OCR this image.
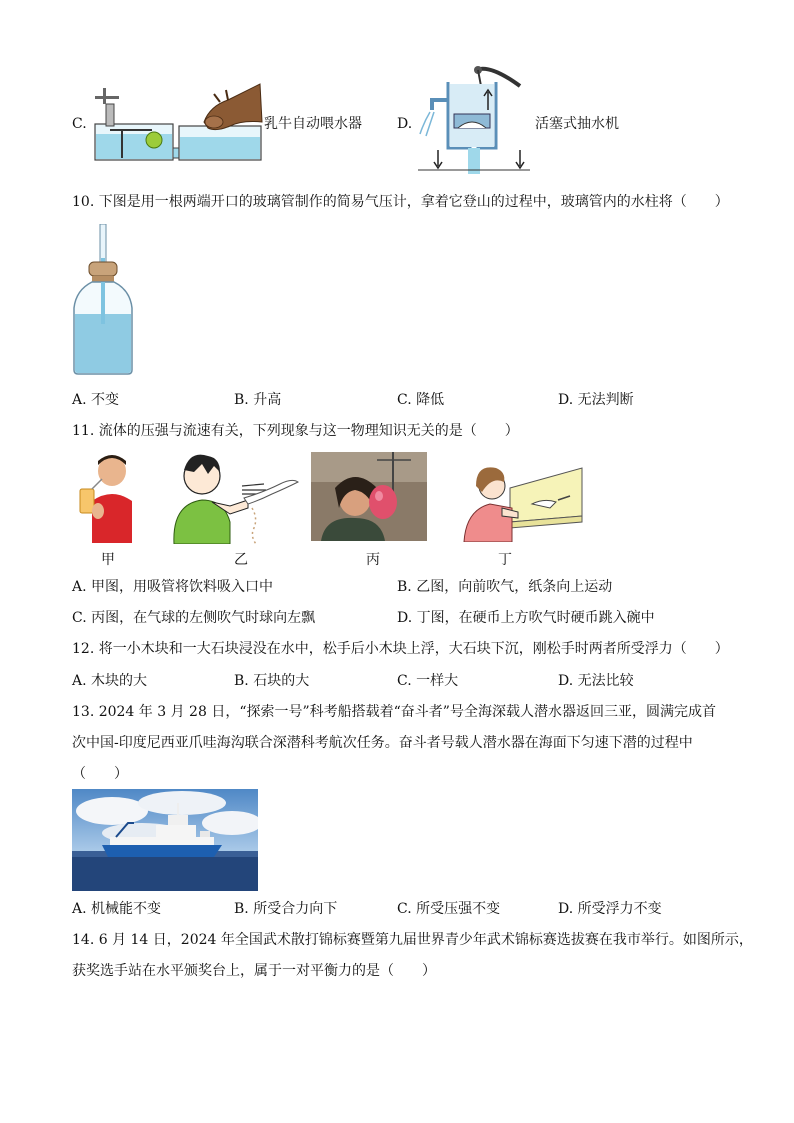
C.	乳牛自动喂水器	D.	活塞式抽水机
10. 下图是用一根两端开口的玻璃管制作的简易气压计，拿着它登山的过程中，玻璃管内的水柱将（　　）
A. 不变	B. 升高	C. 降低	D. 无法判断
11. 流体的压强与流速有关，下列现象与这一物理知识无关的是（　　）
甲	乙	丙	丁
A. 甲图，用吸管将饮料吸入口中	B. 乙图，向前吹气，纸条向上运动
C. 丙图，在气球的左侧吹气时球向左飘	D. 丁图，在硬币上方吹气时硬币跳入碗中
12. 将一小木块和一大石块浸没在水中，松手后小木块上浮，大石块下沉，刚松手时两者所受浮力（　　）
A. 木块的大	B. 石块的大	C. 一样大	D. 无法比较
13. 2024 年 3 月 28 日，“探索一号”科考船搭载着“奋斗者”号全海深载人潜水器返回三亚，圆满完成首
次中国-印度尼西亚爪哇海沟联合深潜科考航次任务。奋斗者号载人潜水器在海面下匀速下潜的过程中
（　　）
A. 机械能不变	B. 所受合力向下	C. 所受压强不变	D. 所受浮力不变
14. 6 月 14 日，2024 年全国武术散打锦标赛暨第九届世界青少年武术锦标赛选拔赛在我市举行。如图所示，
获奖选手站在水平颁奖台上，属于一对平衡力的是（　　）
